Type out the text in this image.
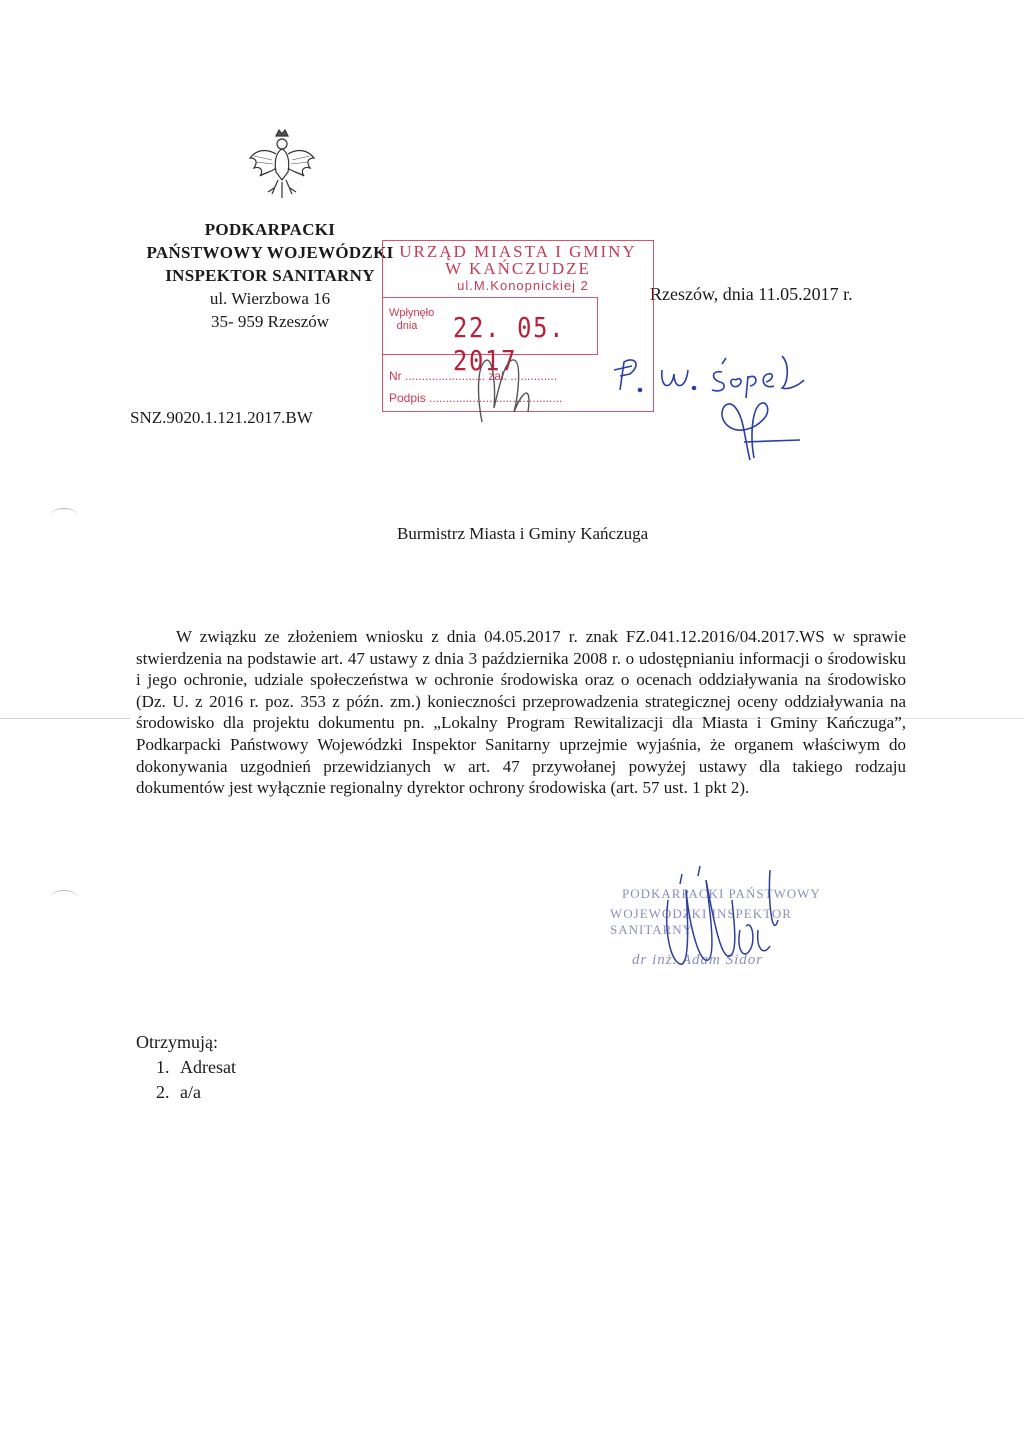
PODKARPACKI
PAŃSTWOWY WOJEWÓDZKI
INSPEKTOR SANITARNY
ul. Wierzbowa 16
35- 959 Rzeszów
SNZ.9020.1.121.2017.BW
Rzeszów, dnia 11.05.2017 r.
URZĄD MIASTA I GMINY
W KAŃCZUDZE
ul.M.Konopnickiej 2
Wpłynęło dnia 22. 05. 2017
Nr ........................ zał. ..............
Podpis ........................................
Burmistrz Miasta i Gminy Kańczuga

W związku ze złożeniem wniosku z dnia 04.05.2017 r. znak FZ.041.12.2016/04.2017.WS w sprawie stwierdzenia na podstawie art. 47 ustawy z dnia 3 października 2008 r. o udostępnianiu informacji o środowisku i jego ochronie, udziale społeczeństwa w ochronie środowiska oraz o ocenach oddziaływania na środowisko (Dz. U. z 2016 r. poz. 353 z późn. zm.) konieczności przeprowadzenia strategicznej oceny oddziaływania na środowisko dla projektu dokumentu pn. „Lokalny Program Rewitalizacji dla Miasta i Gminy Kańczuga”, Podkarpacki Państwowy Wojewódzki Inspektor Sanitarny uprzejmie wyjaśnia, że organem właściwym do dokonywania uzgodnień przewidzianych w art. 47 przywołanej powyżej ustawy dla takiego rodzaju dokumentów jest wyłącznie regionalny dyrektor ochrony środowiska (art. 57 ust. 1 pkt 2).

PODKARPACKI PAŃSTWOWY
WOJEWÓDZKI INSPEKTOR SANITARNY
dr inż. Adam Sidor
Otrzymują:
1. Adresat
2. a/a
